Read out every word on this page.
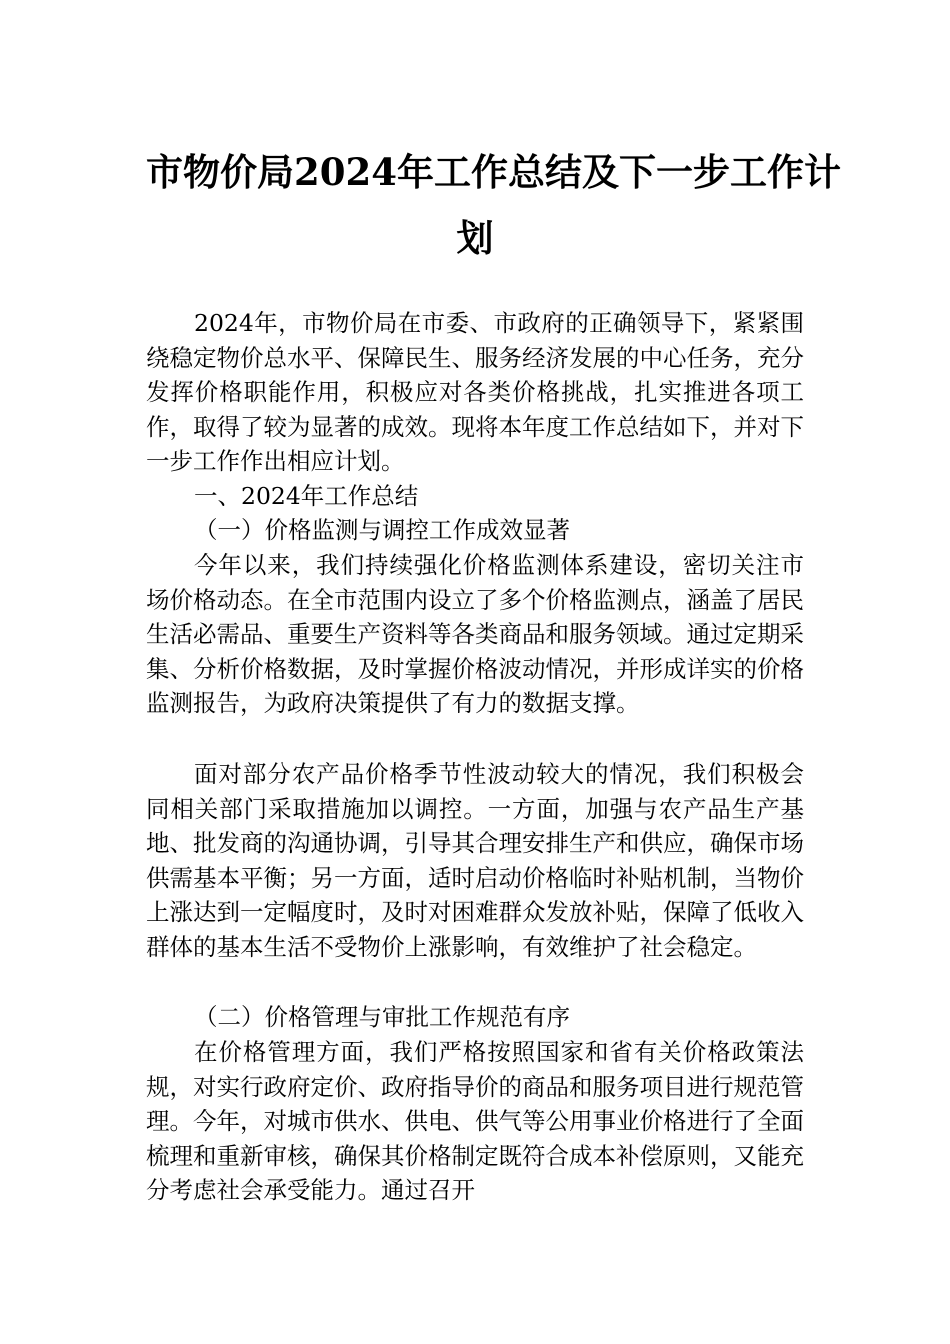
市物价局2024年工作总结及下一步工作计
划

2024年，市物价局在市委、市政府的正确领导下，紧紧围绕稳定物价总水平、保障民生、服务经济发展的中心任务，充分发挥价格职能作用，积极应对各类价格挑战，扎实推进各项工作，取得了较为显著的成效。现将本年度工作总结如下，并对下一步工作作出相应计划。

一、2024年工作总结

（一）价格监测与调控工作成效显著

今年以来，我们持续强化价格监测体系建设，密切关注市场价格动态。在全市范围内设立了多个价格监测点，涵盖了居民生活必需品、重要生产资料等各类商品和服务领域。通过定期采集、分析价格数据，及时掌握价格波动情况，并形成详实的价格监测报告，为政府决策提供了有力的数据支撑。

面对部分农产品价格季节性波动较大的情况，我们积极会同相关部门采取措施加以调控。一方面，加强与农产品生产基地、批发商的沟通协调，引导其合理安排生产和供应，确保市场供需基本平衡；另一方面，适时启动价格临时补贴机制，当物价上涨达到一定幅度时，及时对困难群众发放补贴，保障了低收入群体的基本生活不受物价上涨影响，有效维护了社会稳定。

（二）价格管理与审批工作规范有序

在价格管理方面，我们严格按照国家和省有关价格政策法规，对实行政府定价、政府指导价的商品和服务项目进行规范管理。今年，对城市供水、供电、供气等公用事业价格进行了全面梳理和重新审核，确保其价格制定既符合成本补偿原则，又能充分考虑社会承受能力。通过召开
